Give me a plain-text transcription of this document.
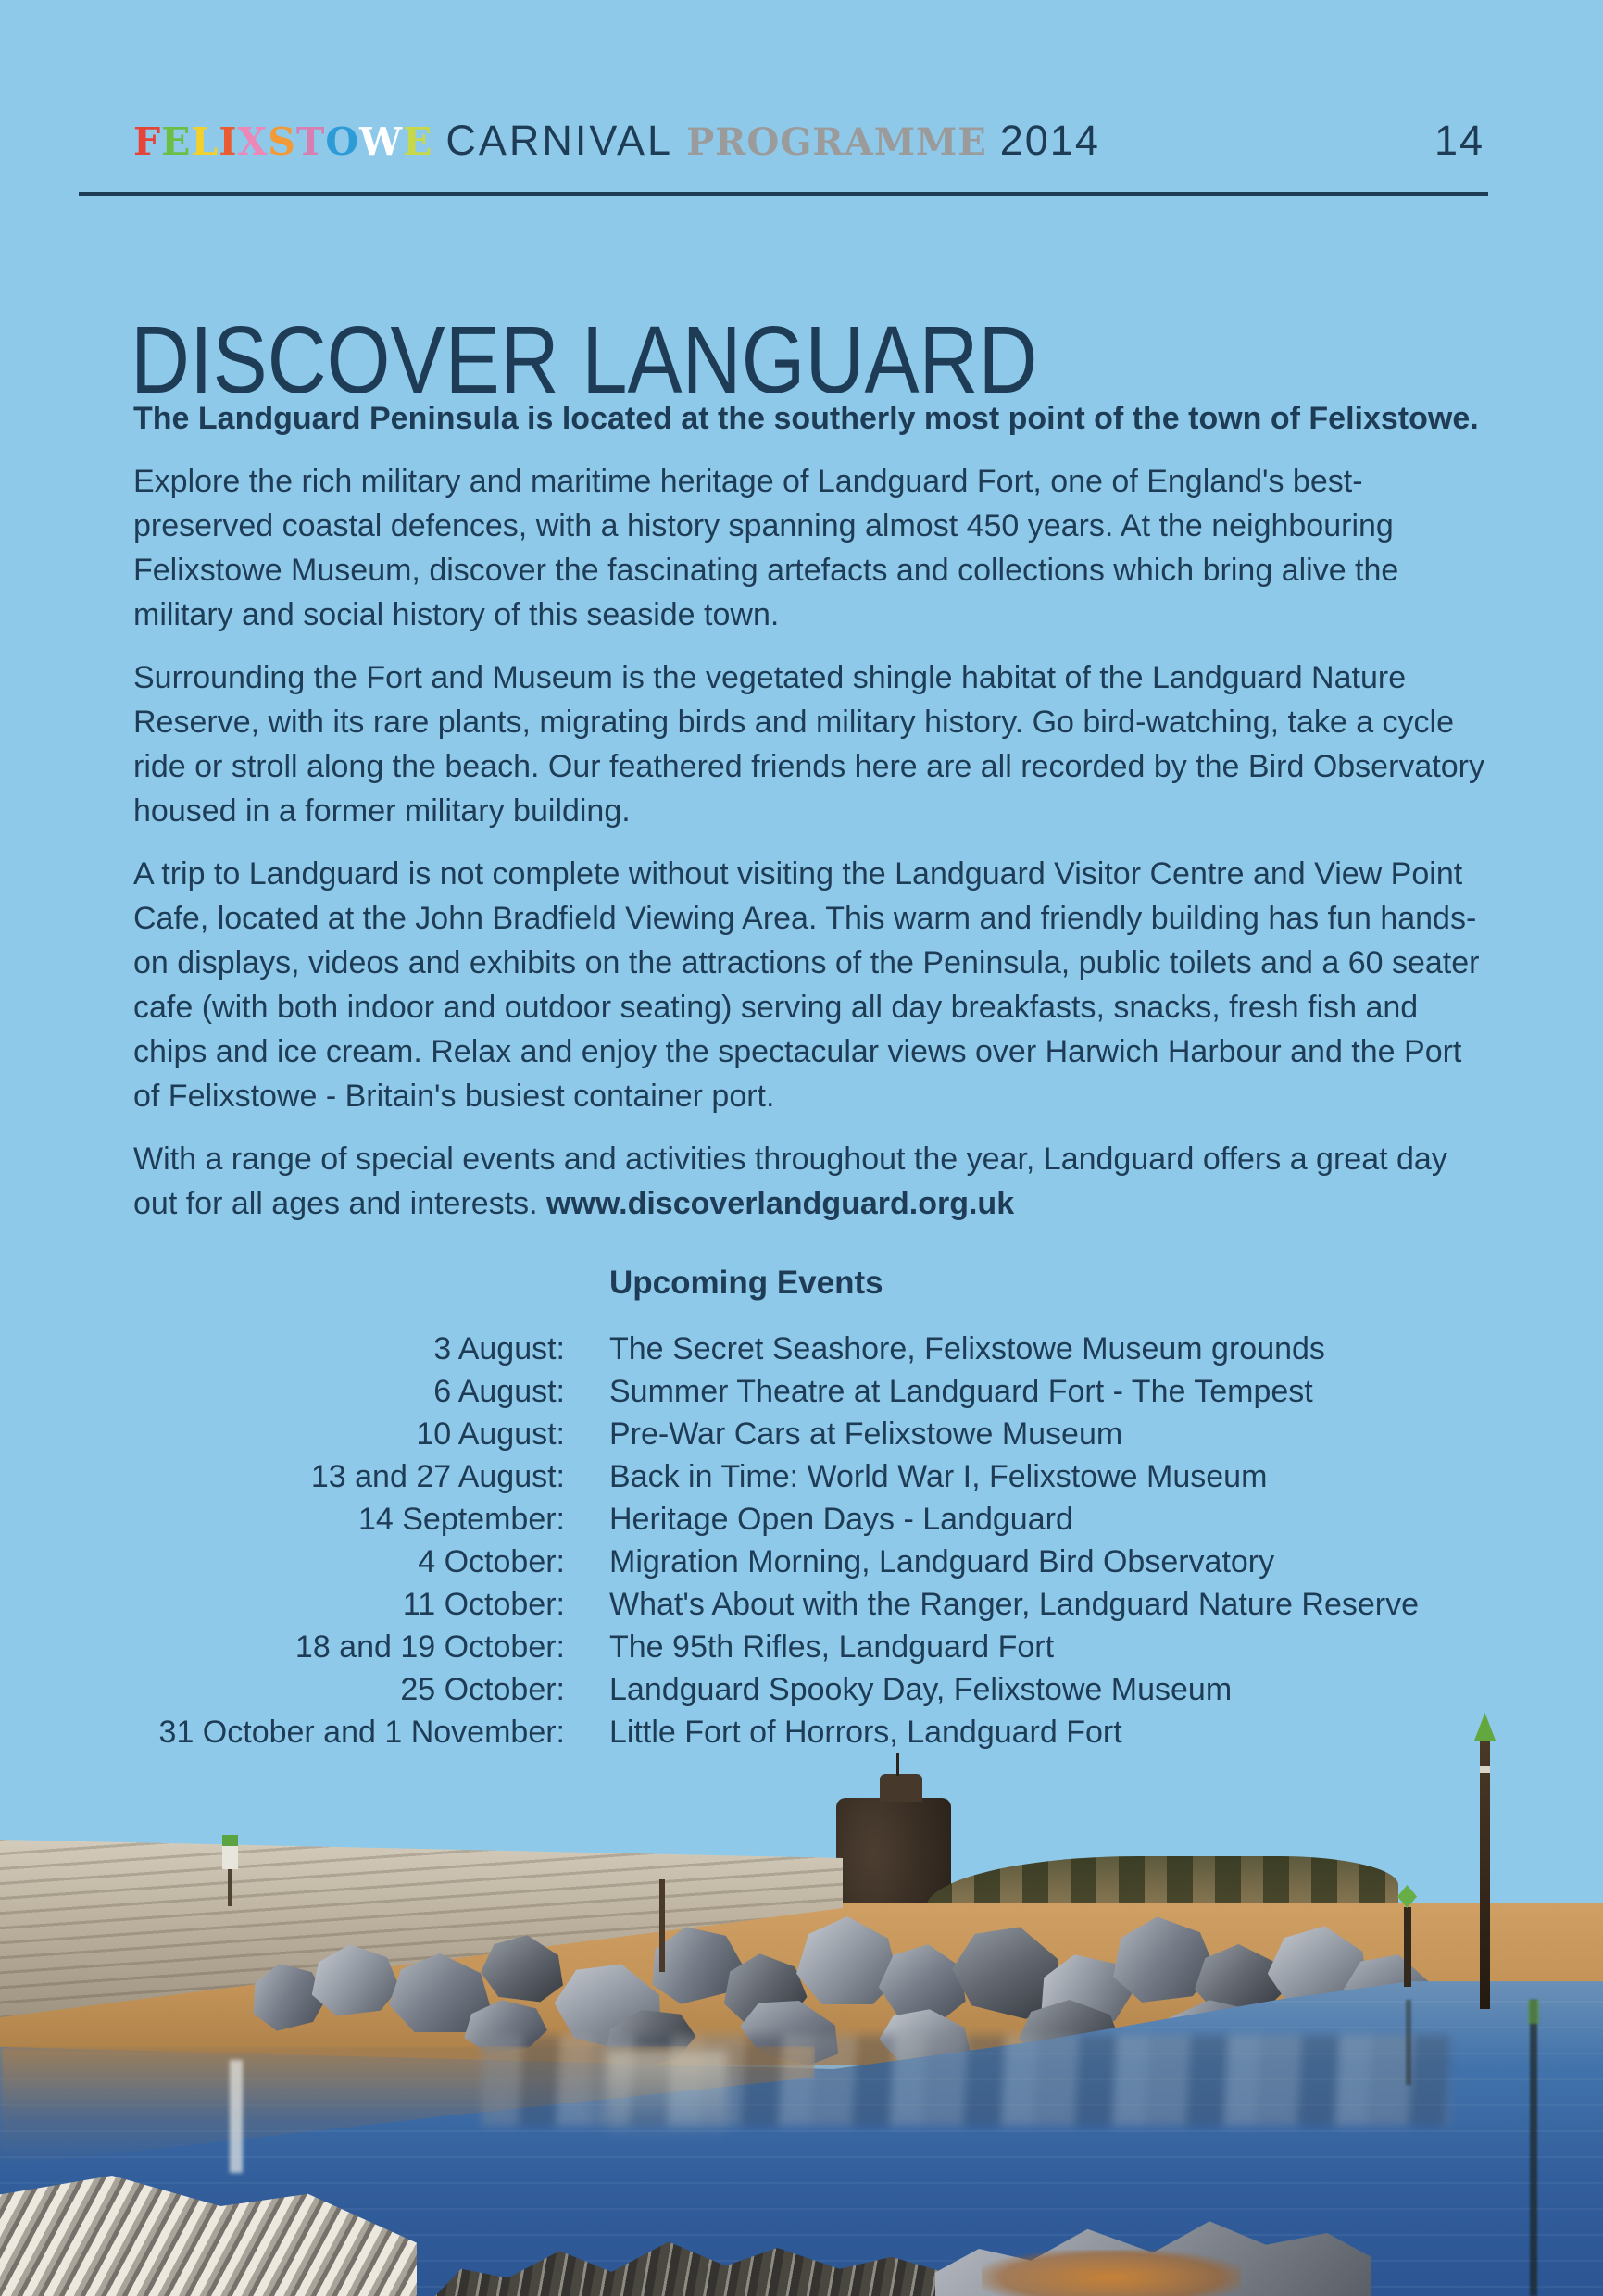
FELIXSTOWE CARNIVAL PROGRAMME 2014	14
DISCOVER LANGUARD

The Landguard Peninsula is located at the southerly most point of the town of Felixstowe.

Explore the rich military and maritime heritage of Landguard Fort, one of England's best-preserved coastal defences, with a history spanning almost 450 years. At the neighbouring Felixstowe Museum, discover the fascinating artefacts and collections which bring alive the military and social history of this seaside town.

Surrounding the Fort and Museum is the vegetated shingle habitat of the Landguard Nature Reserve, with its rare plants, migrating birds and military history. Go bird-watching, take a cycle ride or stroll along the beach. Our feathered friends here are all recorded by the Bird Observatory housed in a former military building.

A trip to Landguard is not complete without visiting the Landguard Visitor Centre and View Point Cafe, located at the John Bradfield Viewing Area. This warm and friendly building has fun hands-on displays, videos and exhibits on the attractions of the Peninsula, public toilets and a 60 seater cafe (with both indoor and outdoor seating) serving all day breakfasts, snacks, fresh fish and chips and ice cream. Relax and enjoy the spectacular views over Harwich Harbour and the Port of Felixstowe - Britain's busiest container port.

With a range of special events and activities throughout the year, Landguard offers a great day out for all ages and interests. www.discoverlandguard.org.uk

Upcoming Events
3 August: The Secret Seashore, Felixstowe Museum grounds
6 August: Summer Theatre at Landguard Fort - The Tempest
10 August: Pre-War Cars at Felixstowe Museum
13 and 27 August: Back in Time: World War I, Felixstowe Museum
14 September: Heritage Open Days - Landguard
4 October: Migration Morning, Landguard Bird Observatory
11 October: What's About with the Ranger, Landguard Nature Reserve
18 and 19 October: The 95th Rifles, Landguard Fort
25 October: Landguard Spooky Day, Felixstowe Museum
31 October and 1 November: Little Fort of Horrors, Landguard Fort
